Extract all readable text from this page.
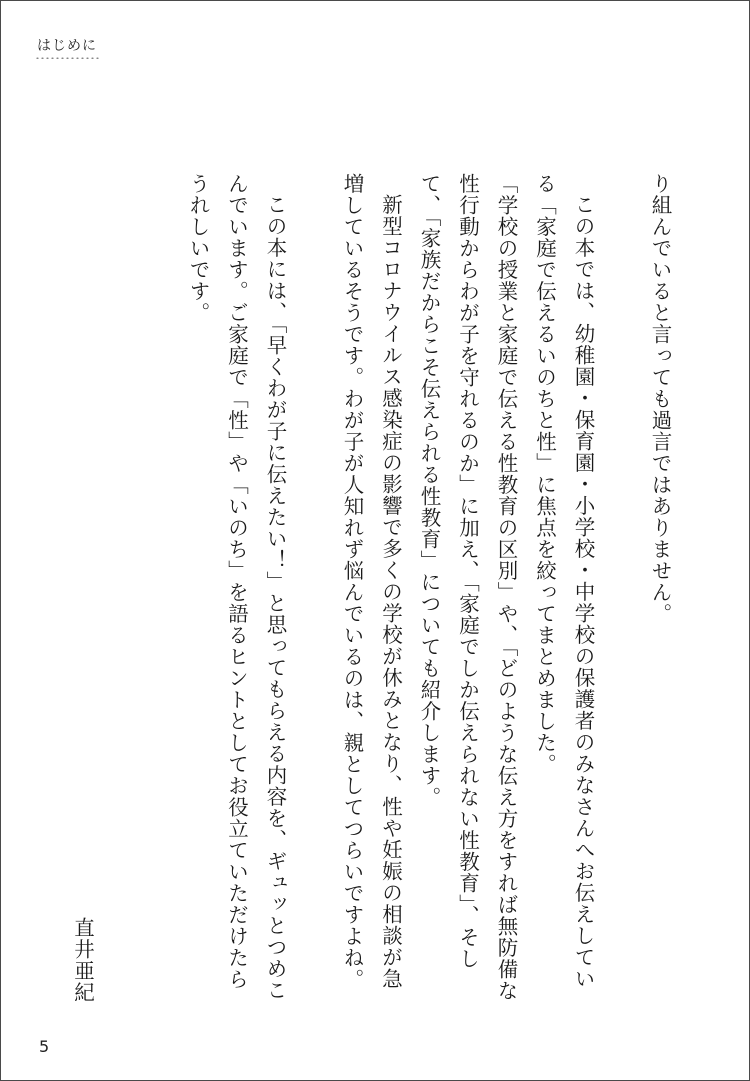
はじめに

り組んでいると言っても過言ではありません。

この本では、幼稚園・保育園・小学校・中学校の保護者のみなさんへお伝えしている「家庭で伝えるいのちと性」に焦点を絞ってまとめました。

「学校の授業と家庭で伝える性教育の区別」や、「どのような伝え方をすれば無防備な性行動からわが子を守れるのか」に加え、「家庭でしか伝えられない性教育」、そして、「家族だからこそ伝えられる性教育」についても紹介します。

新型コロナウイルス感染症の影響で多くの学校が休みとなり、性や妊娠の相談が急増しているそうです。わが子が人知れず悩んでいるのは、親としてつらいですよね。

この本には、「早くわが子に伝えたい！」と思ってもらえる内容を、ギュッとつめこんでいます。ご家庭で「性」や「いのち」を語るヒントとしてお役立ていただけたらうれしいです。

直井亜紀

5
